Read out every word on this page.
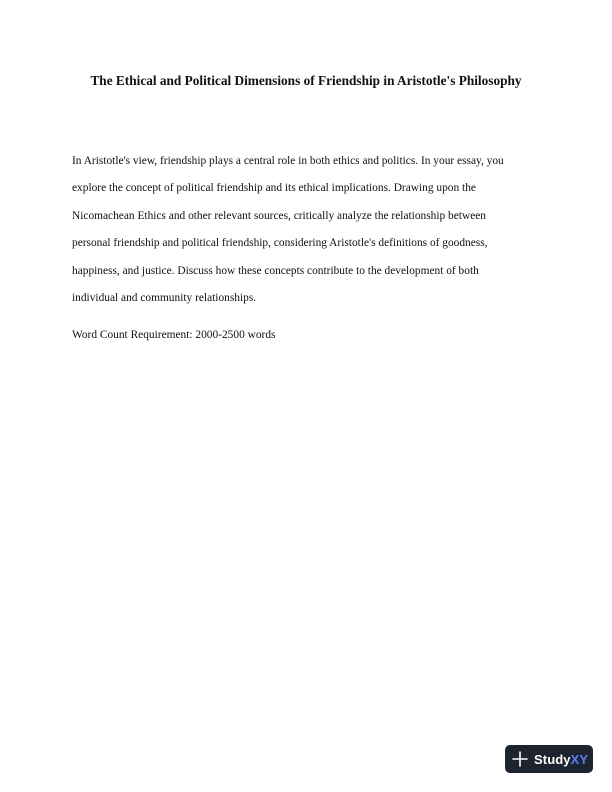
The Ethical and Political Dimensions of Friendship in Aristotle's Philosophy
In Aristotle's view, friendship plays a central role in both ethics and politics. In your essay, you
explore the concept of political friendship and its ethical implications. Drawing upon the
Nicomachean Ethics and other relevant sources, critically analyze the relationship between
personal friendship and political friendship, considering Aristotle's definitions of goodness,
happiness, and justice. Discuss how these concepts contribute to the development of both
individual and community relationships.

Word Count Requirement: 2000-2500 words

StudyXY
